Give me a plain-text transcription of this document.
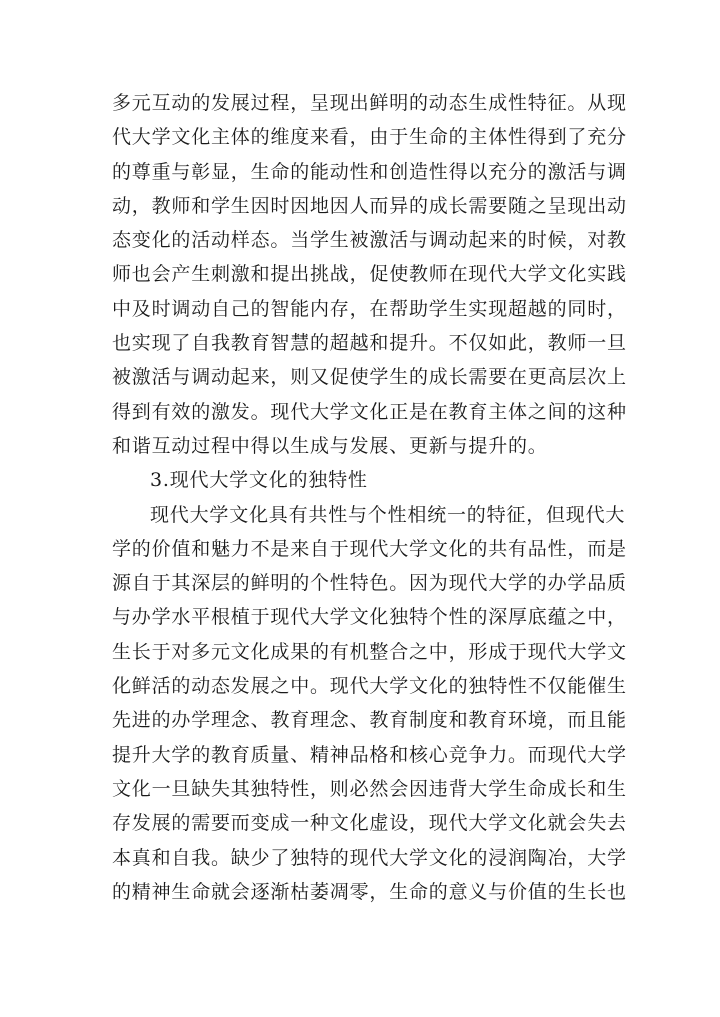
多元互动的发展过程，呈现出鲜明的动态生成性特征。从现
代大学文化主体的维度来看，由于生命的主体性得到了充分
的尊重与彰显，生命的能动性和创造性得以充分的激活与调
动，教师和学生因时因地因人而异的成长需要随之呈现出动
态变化的活动样态。当学生被激活与调动起来的时候，对教
师也会产生刺激和提出挑战，促使教师在现代大学文化实践
中及时调动自己的智能内存，在帮助学生实现超越的同时，
也实现了自我教育智慧的超越和提升。不仅如此，教师一旦
被激活与调动起来，则又促使学生的成长需要在更高层次上
得到有效的激发。现代大学文化正是在教育主体之间的这种
和谐互动过程中得以生成与发展、更新与提升的。
3.现代大学文化的独特性
现代大学文化具有共性与个性相统一的特征，但现代大
学的价值和魅力不是来自于现代大学文化的共有品性，而是
源自于其深层的鲜明的个性特色。因为现代大学的办学品质
与办学水平根植于现代大学文化独特个性的深厚底蕴之中，
生长于对多元文化成果的有机整合之中，形成于现代大学文
化鲜活的动态发展之中。现代大学文化的独特性不仅能催生
先进的办学理念、教育理念、教育制度和教育环境，而且能
提升大学的教育质量、精神品格和核心竞争力。而现代大学
文化一旦缺失其独特性，则必然会因违背大学生命成长和生
存发展的需要而变成一种文化虚设，现代大学文化就会失去
本真和自我。缺少了独特的现代大学文化的浸润陶冶，大学
的精神生命就会逐渐枯萎凋零，生命的意义与价值的生长也
